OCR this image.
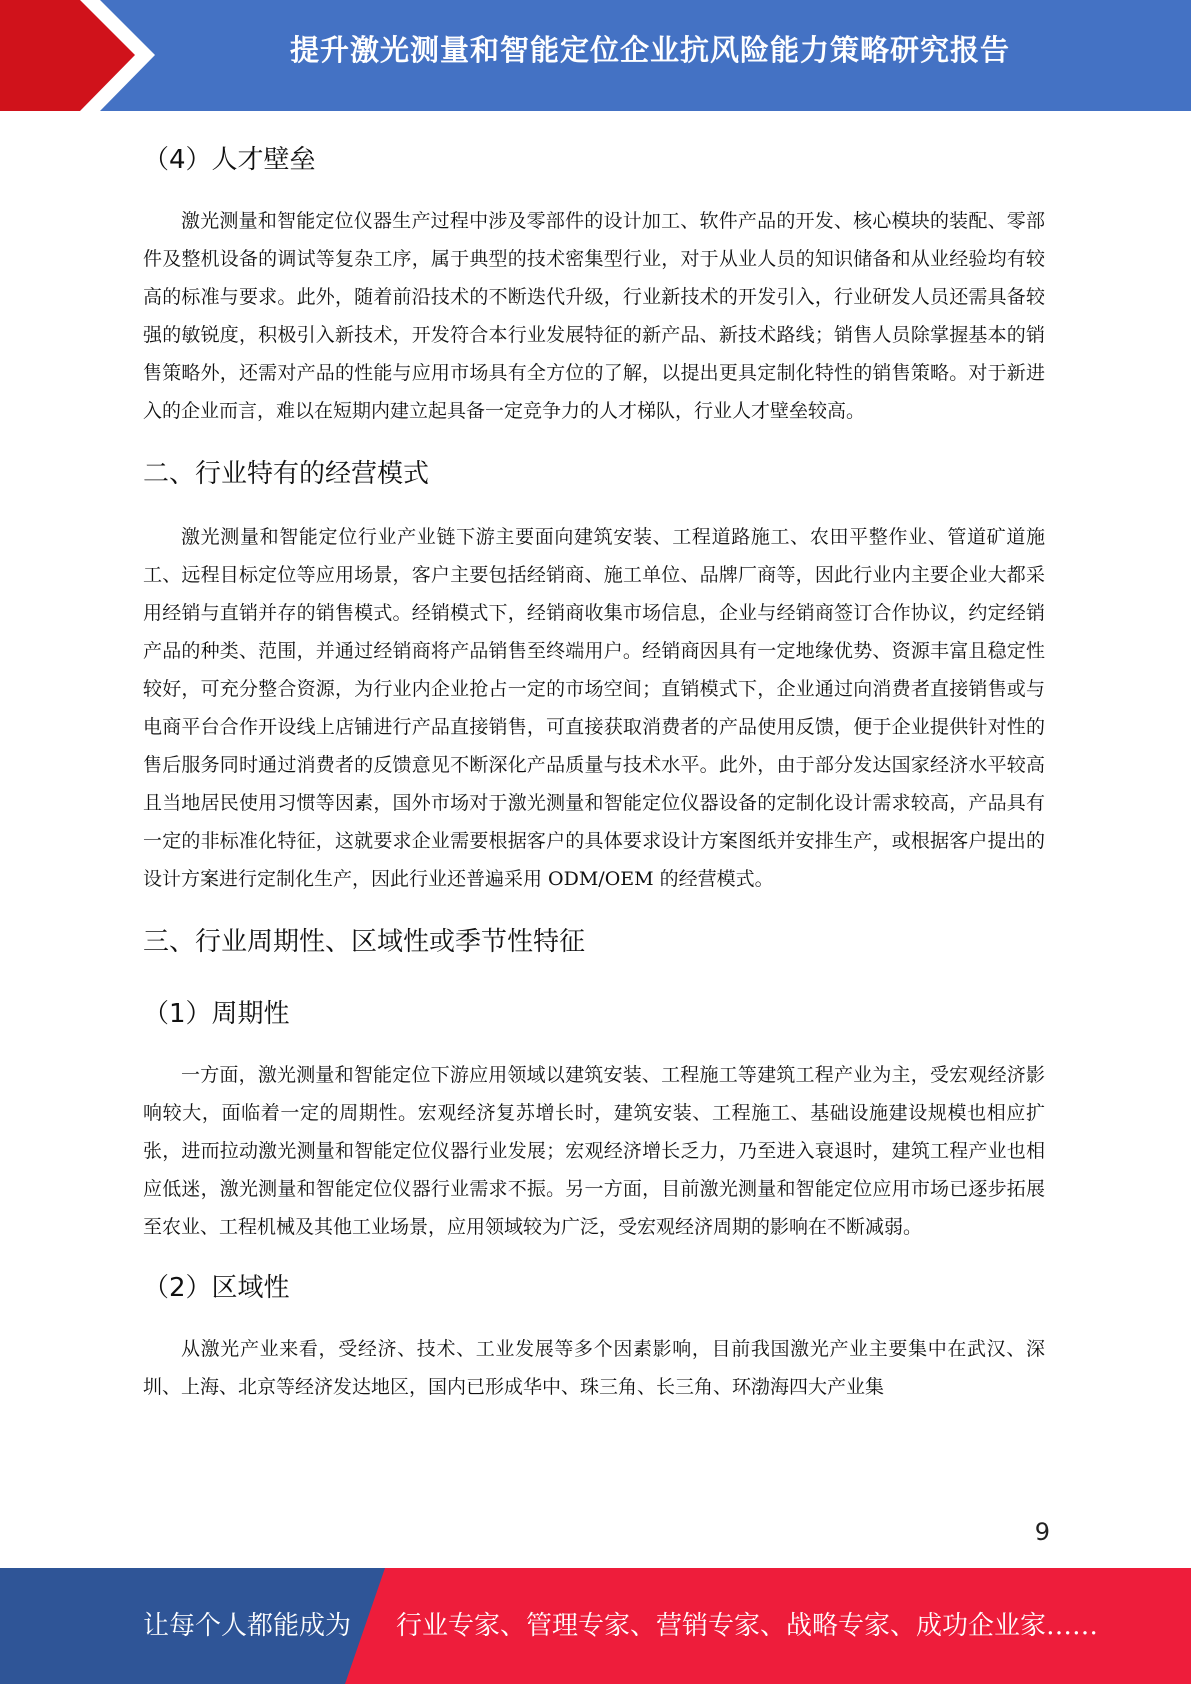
提升激光测量和智能定位企业抗风险能力策略研究报告
（4）人才壁垒

激光测量和智能定位仪器生产过程中涉及零部件的设计加工、软件产品的开发、核心模块的装配、零部件及整机设备的调试等复杂工序，属于典型的技术密集型行业，对于从业人员的知识储备和从业经验均有较高的标准与要求。此外，随着前沿技术的不断迭代升级，行业新技术的开发引入，行业研发人员还需具备较强的敏锐度，积极引入新技术，开发符合本行业发展特征的新产品、新技术路线；销售人员除掌握基本的销售策略外，还需对产品的性能与应用市场具有全方位的了解，以提出更具定制化特性的销售策略。对于新进入的企业而言，难以在短期内建立起具备一定竞争力的人才梯队，行业人才壁垒较高。

二、行业特有的经营模式

激光测量和智能定位行业产业链下游主要面向建筑安装、工程道路施工、农田平整作业、管道矿道施工、远程目标定位等应用场景，客户主要包括经销商、施工单位、品牌厂商等，因此行业内主要企业大都采用经销与直销并存的销售模式。经销模式下，经销商收集市场信息，企业与经销商签订合作协议，约定经销产品的种类、范围，并通过经销商将产品销售至终端用户。经销商因具有一定地缘优势、资源丰富且稳定性较好，可充分整合资源，为行业内企业抢占一定的市场空间；直销模式下，企业通过向消费者直接销售或与电商平台合作开设线上店铺进行产品直接销售，可直接获取消费者的产品使用反馈，便于企业提供针对性的售后服务同时通过消费者的反馈意见不断深化产品质量与技术水平。此外，由于部分发达国家经济水平较高且当地居民使用习惯等因素，国外市场对于激光测量和智能定位仪器设备的定制化设计需求较高，产品具有一定的非标准化特征，这就要求企业需要根据客户的具体要求设计方案图纸并安排生产，或根据客户提出的设计方案进行定制化生产，因此行业还普遍采用 ODM/OEM 的经营模式。

三、行业周期性、区域性或季节性特征
（1）周期性

一方面，激光测量和智能定位下游应用领域以建筑安装、工程施工等建筑工程产业为主，受宏观经济影响较大，面临着一定的周期性。宏观经济复苏增长时，建筑安装、工程施工、基础设施建设规模也相应扩张，进而拉动激光测量和智能定位仪器行业发展；宏观经济增长乏力，乃至进入衰退时，建筑工程产业也相应低迷，激光测量和智能定位仪器行业需求不振。另一方面，目前激光测量和智能定位应用市场已逐步拓展至农业、工程机械及其他工业场景，应用领域较为广泛，受宏观经济周期的影响在不断减弱。

（2）区域性

从激光产业来看，受经济、技术、工业发展等多个因素影响，目前我国激光产业主要集中在武汉、深圳、上海、北京等经济发达地区，国内已形成华中、珠三角、长三角、环渤海四大产业集

9
让每个人都能成为 行业专家、管理专家、营销专家、战略专家、成功企业家……
